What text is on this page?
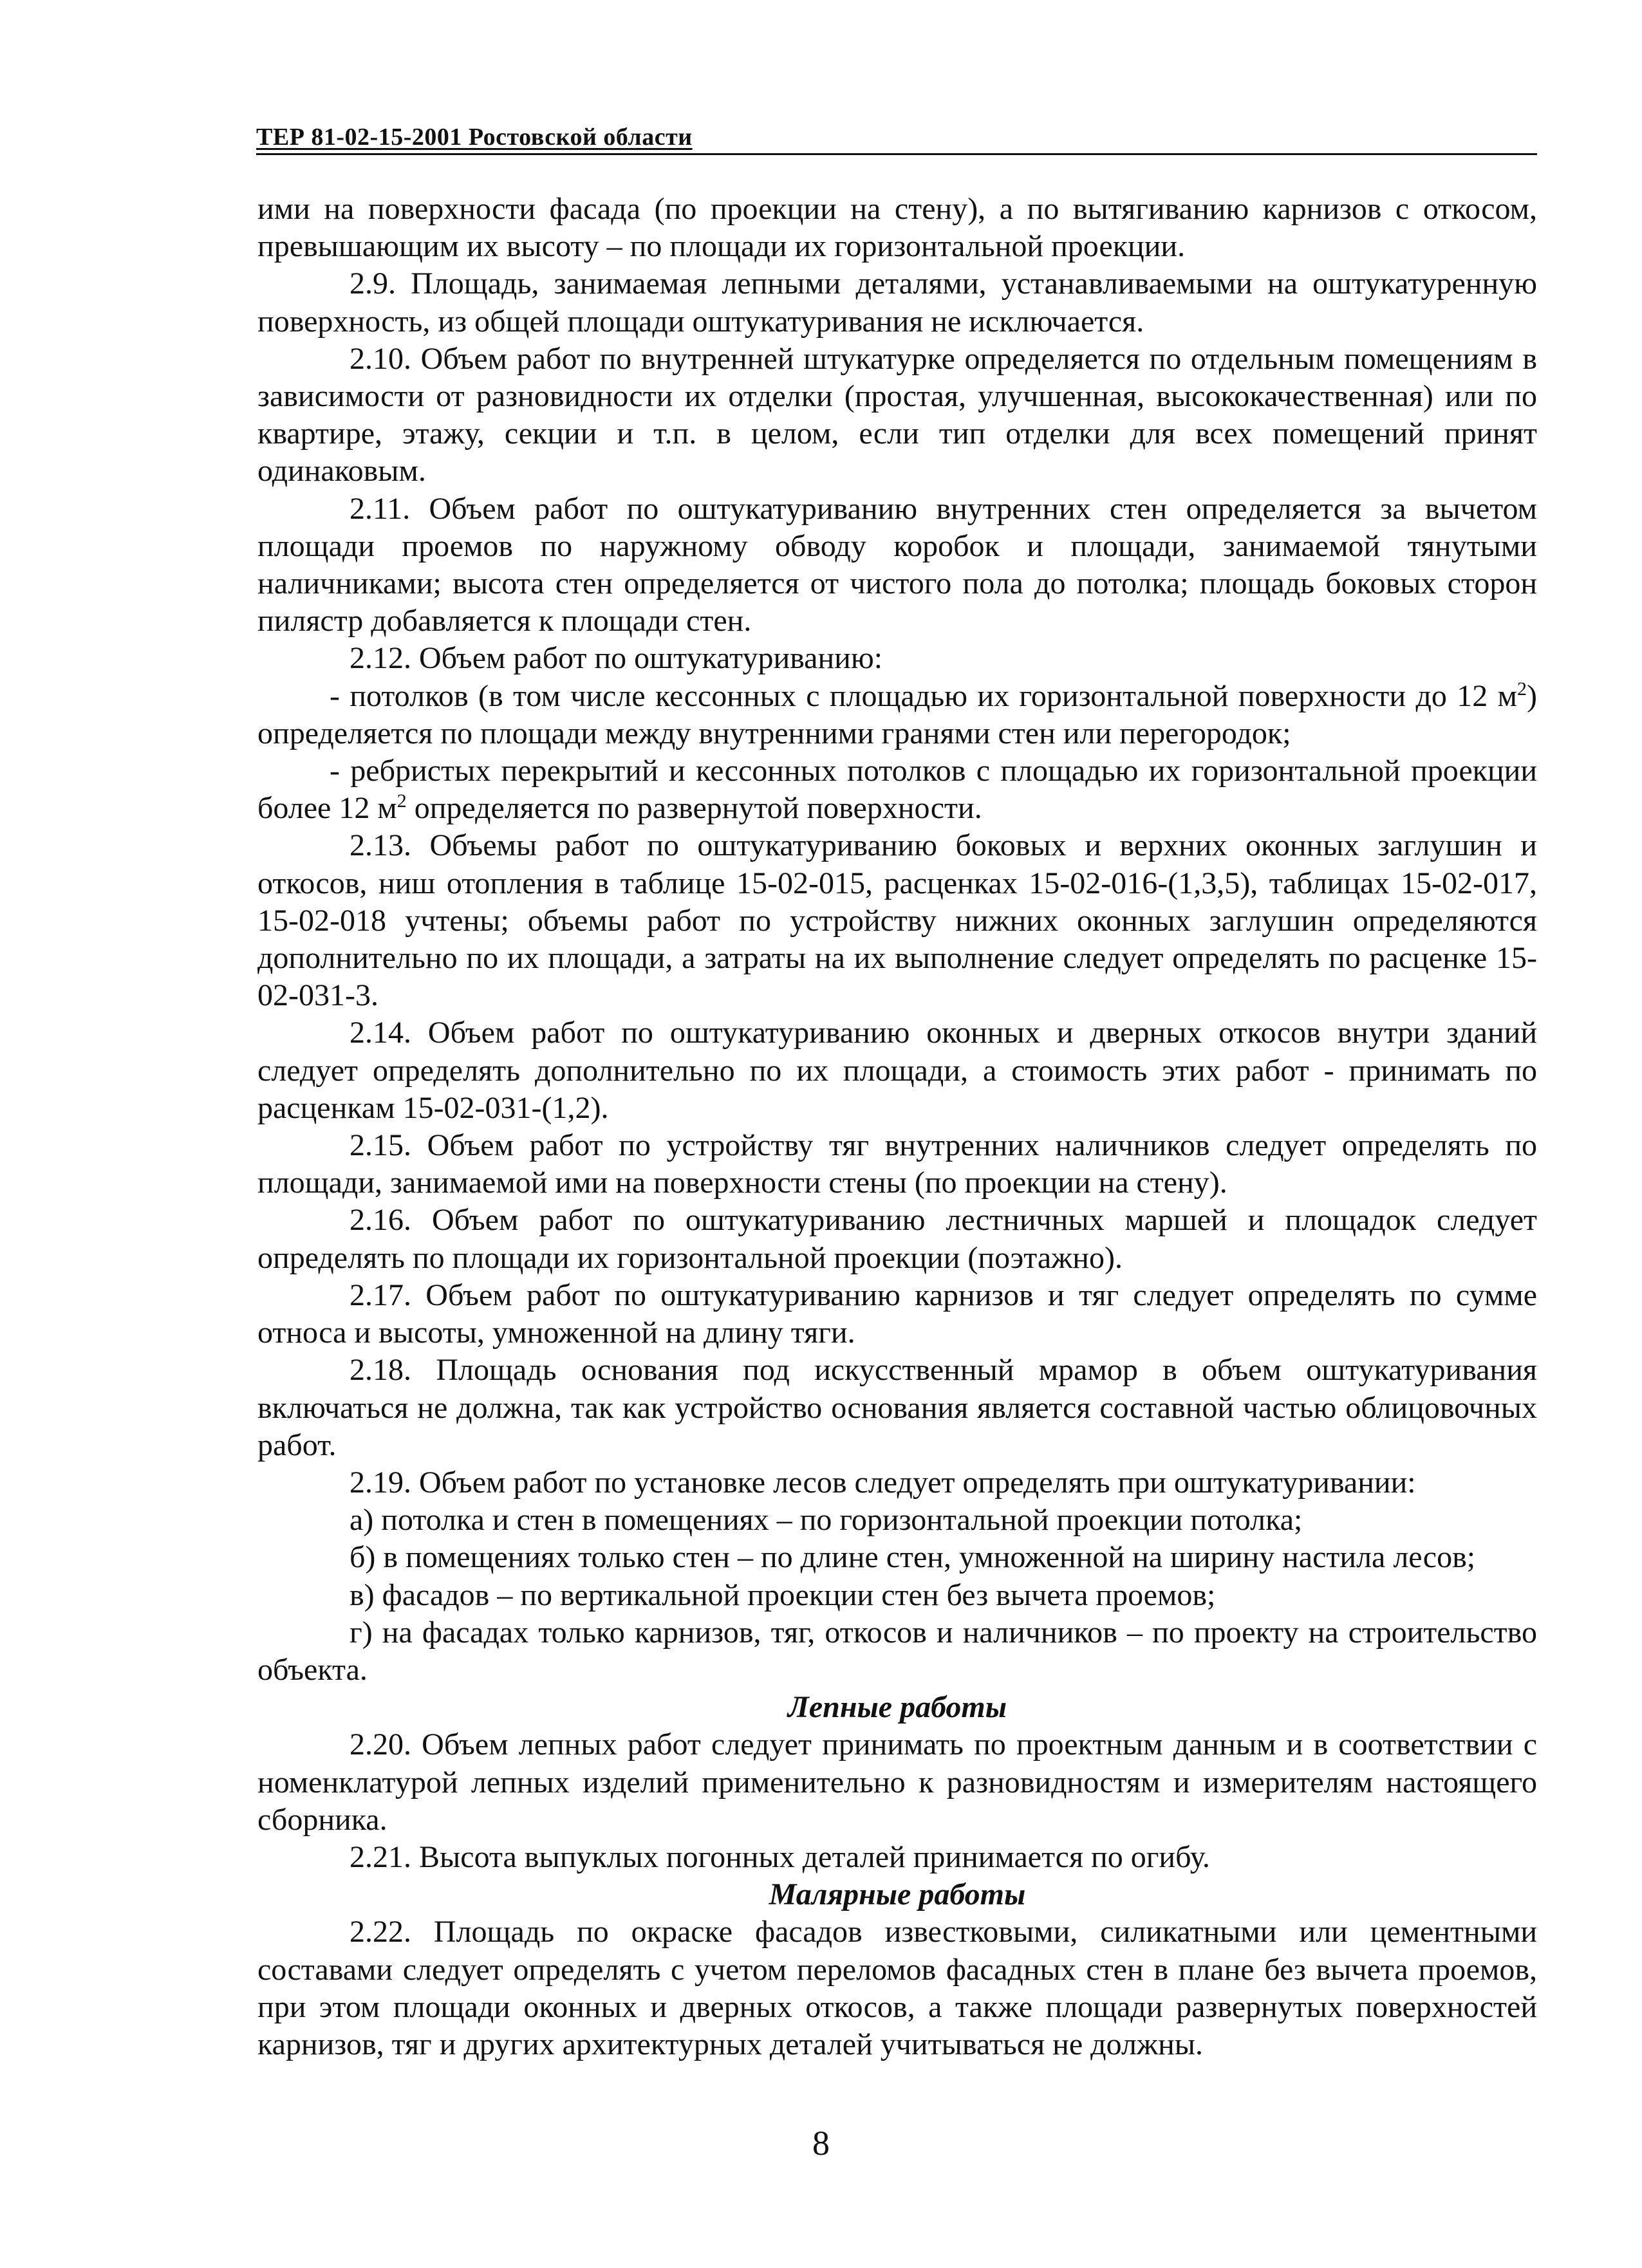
ТЕР 81-02-15-2001 Ростовской области

ими на поверхности фасада (по проекции на стену), а по вытягиванию карнизов с откосом, превышающим их высоту – по площади их горизонтальной проекции.

2.9. Площадь, занимаемая лепными деталями, устанавливаемыми на оштукатуренную поверхность, из общей площади оштукатуривания не исключается.

2.10. Объем работ по внутренней штукатурке определяется по отдельным помещениям в зависимости от разновидности их отделки (простая, улучшенная, высококачественная) или по квартире, этажу, секции и т.п. в целом, если тип отделки для всех помещений принят одинаковым.

2.11. Объем работ по оштукатуриванию внутренних стен определяется за вычетом площади проемов по наружному обводу коробок и площади, занимаемой тянутыми наличниками; высота стен определяется от чистого пола до потолка; площадь боковых сторон пилястр добавляется к площади стен.

2.12. Объем работ по оштукатуриванию:

- потолков (в том числе кессонных с площадью их горизонтальной поверхности до 12 $м^2$) определяется по площади между внутренними гранями стен или перегородок;

- ребристых перекрытий и кессонных потолков с площадью их горизонтальной проекции более 12 $м^2$ определяется по развернутой поверхности.

2.13. Объемы работ по оштукатуриванию боковых и верхних оконных заглушин и откосов, ниш отопления в таблице 15-02-015, расценках 15-02-016-(1,3,5), таблицах 15-02-017, 15-02-018 учтены; объемы работ по устройству нижних оконных заглушин определяются дополнительно по их площади, а затраты на их выполнение следует определять по расценке 15-02-031-3.

2.14. Объем работ по оштукатуриванию оконных и дверных откосов внутри зданий следует определять дополнительно по их площади, а стоимость этих работ - принимать по расценкам 15-02-031-(1,2).

2.15. Объем работ по устройству тяг внутренних наличников следует определять по площади, занимаемой ими на поверхности стены (по проекции на стену).

2.16. Объем работ по оштукатуриванию лестничных маршей и площадок следует определять по площади их горизонтальной проекции (поэтажно).

2.17. Объем работ по оштукатуриванию карнизов и тяг следует определять по сумме относа и высоты, умноженной на длину тяги.

2.18. Площадь основания под искусственный мрамор в объем оштукатуривания включаться не должна, так как устройство основания является составной частью облицовочных работ.

2.19. Объем работ по установке лесов следует определять при оштукатуривании:

а) потолка и стен в помещениях – по горизонтальной проекции потолка;

б) в помещениях только стен – по длине стен, умноженной на ширину настила лесов;

в) фасадов – по вертикальной проекции стен без вычета проемов;

г) на фасадах только карнизов, тяг, откосов и наличников – по проекту на строительство объекта.

Лепные работы

2.20. Объем лепных работ следует принимать по проектным данным и в соответствии с номенклатурой лепных изделий применительно к разновидностям и измерителям настоящего сборника.

2.21. Высота выпуклых погонных деталей принимается по огибу.

Малярные работы

2.22. Площадь по окраске фасадов известковыми, силикатными или цементными составами следует определять с учетом переломов фасадных стен в плане без вычета проемов, при этом площади оконных и дверных откосов, а также площади развернутых поверхностей карнизов, тяг и других архитектурных деталей учитываться не должны.

8
